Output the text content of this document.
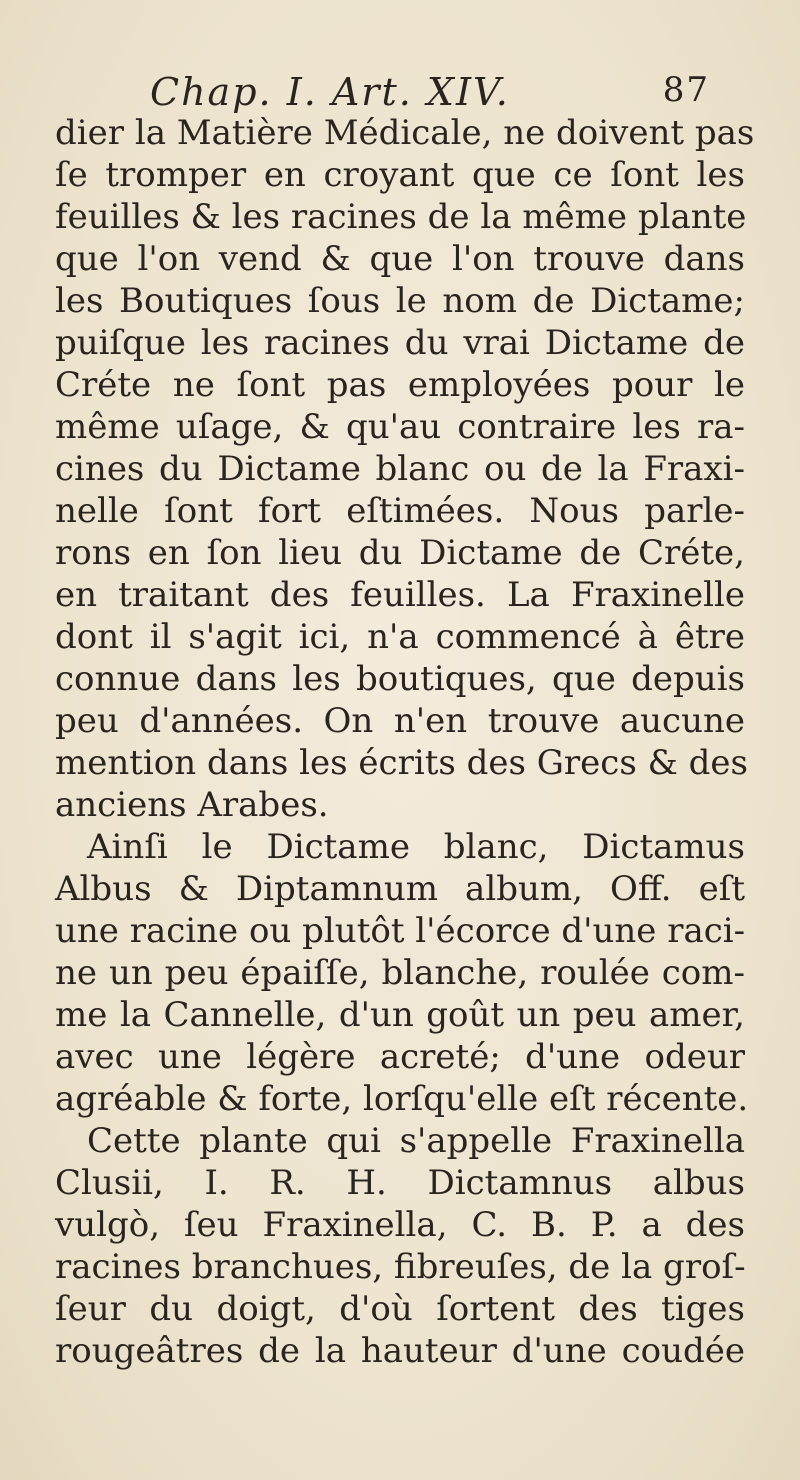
Chap. I. Art. XIV.	87
dier la Matière Médicale, ne doivent pas
ſe tromper en croyant que ce ſont les
feuilles & les racines de la même plante
que l'on vend & que l'on trouve dans
les Boutiques ſous le nom de Dictame;
puiſque les racines du vrai Dictame de
Créte ne ſont pas employées pour le
même uſage, & qu'au contraire les ra-
cines du Dictame blanc ou de la Fraxi-
nelle ſont fort eſtimées. Nous parle-
rons en ſon lieu du Dictame de Créte,
en traitant des feuilles. La Fraxinelle
dont il s'agit ici, n'a commencé à être
connue dans les boutiques, que depuis
peu d'années. On n'en trouve aucune
mention dans les écrits des Grecs & des
anciens Arabes.
Ainſi le Dictame blanc, Dictamus
Albus & Diptamnum album, Off. eſt
une racine ou plutôt l'écorce d'une raci-
ne un peu épaiſſe, blanche, roulée com-
me la Cannelle, d'un goût un peu amer,
avec une légère acreté; d'une odeur
agréable & forte, lorſqu'elle eſt récente.
Cette plante qui s'appelle Fraxinella
Clusii, I. R. H. Dictamnus albus
vulgò, ſeu Fraxinella, C. B. P. a des
racines branchues, fibreuſes, de la groſ-
ſeur du doigt, d'où ſortent des tiges
rougeâtres de la hauteur d'une coudée
